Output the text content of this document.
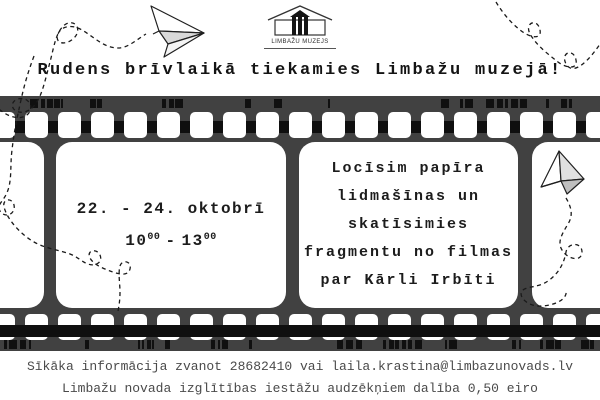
LIMBAŽU MUZEJS
Rudens brīvlaikā tiekamies Limbažu muzejā!
22. - 24. oktobrī
$10^{00} - 13^{00}$
Locīsim papīra
lidmašīnas un
skatīsimies
fragmentu no filmas
par Kārli Irbīti
Sīkāka informācija zvanot 28682410 vai laila.krastina@limbazunovads.lv
Limbažu novada izglītības iestāžu audzēkņiem dalība 0,50 eiro
